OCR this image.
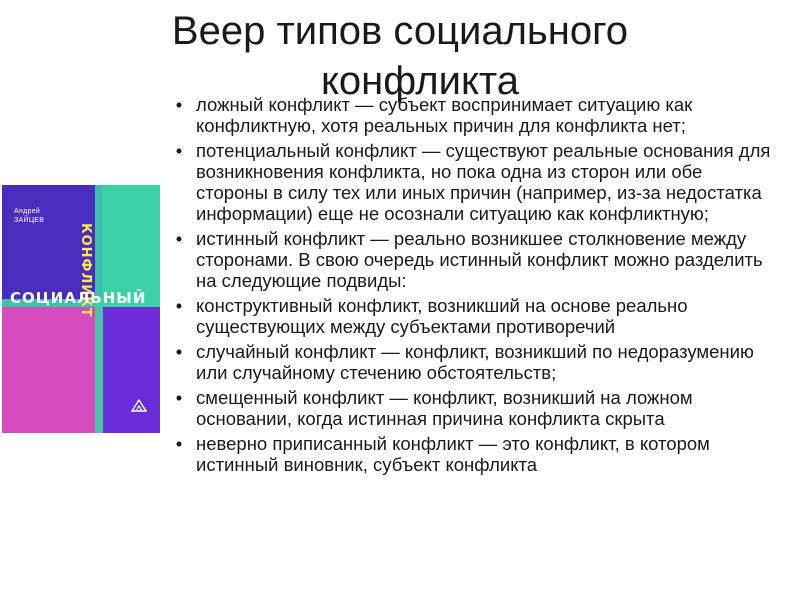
Веер типов социального
конфликта
Андрей
ЗАЙЦЕВ
КОНФЛИКТ
СОЦИАЛЬНЫЙ
• ложный конфликт — субъект воспринимает ситуацию как конфликтную, хотя реальных причин для конфликта нет;
• потенциальный конфликт — существуют реальные основания для возникновения конфликта, но пока одна из сторон или обе стороны в силу тех или иных причин (например, из-за недостатка информации) еще не осознали ситуацию как конфликтную;
• истинный конфликт — реально возникшее столкновение между сторонами. В свою очередь истинный конфликт можно разделить на следующие подвиды:
• конструктивный конфликт, возникший на основе реально существующих между субъектами противоречий
• случайный конфликт — конфликт, возникший по недоразумению или случайному стечению обстоятельств;
• смещенный конфликт — конфликт, возникший на ложном основании, когда истинная причина конфликта скрыта
• неверно приписанный конфликт — это конфликт, в котором истинный виновник, субъект конфликта
